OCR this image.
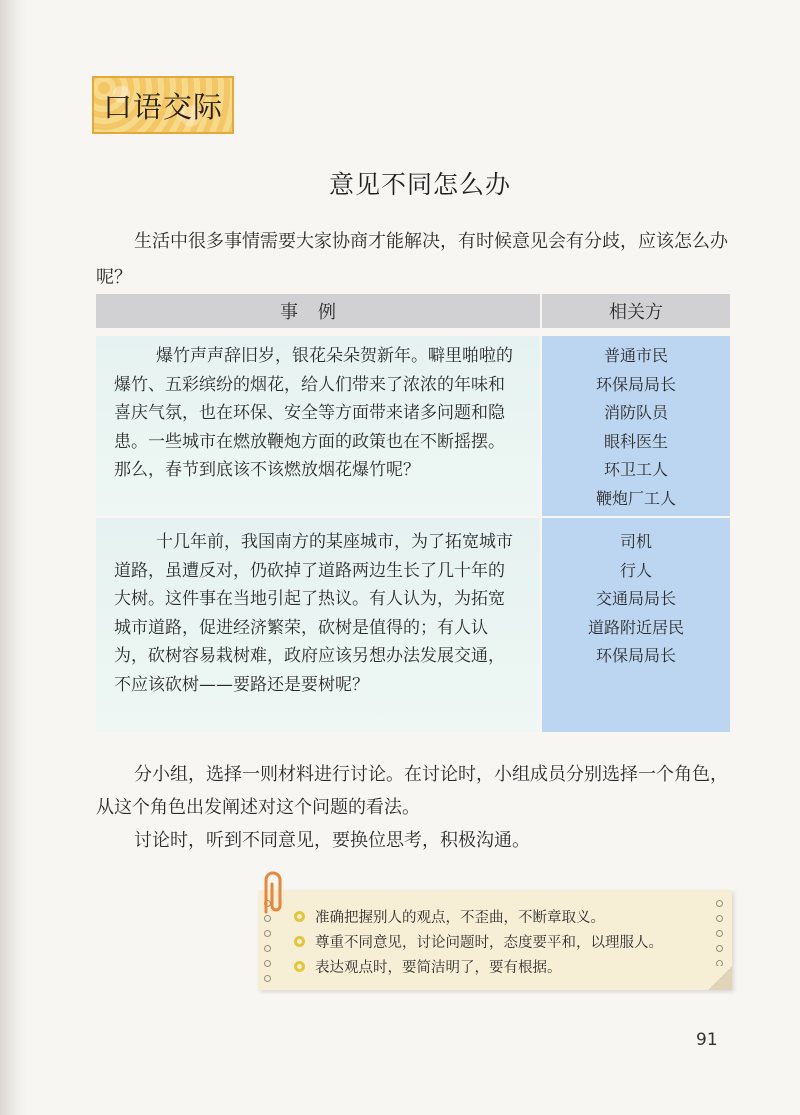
口语交际
意见不同怎么办

生活中很多事情需要大家协商才能解决，有时候意见会有分歧，应该怎么办呢？

事例	相关方

爆竹声声辞旧岁，银花朵朵贺新年。噼里啪啦的爆竹、五彩缤纷的烟花，给人们带来了浓浓的年味和喜庆气氛，也在环保、安全等方面带来诸多问题和隐患。一些城市在燃放鞭炮方面的政策也在不断摇摆。那么，春节到底该不该燃放烟花爆竹呢？

普通市民
环保局局长
消防队员
眼科医生
环卫工人
鞭炮厂工人

十几年前，我国南方的某座城市，为了拓宽城市道路，虽遭反对，仍砍掉了道路两边生长了几十年的大树。这件事在当地引起了热议。有人认为，为拓宽城市道路，促进经济繁荣，砍树是值得的；有人认为，砍树容易栽树难，政府应该另想办法发展交通，不应该砍树——要路还是要树呢？

司机
行人
交通局局长
道路附近居民
环保局局长

分小组，选择一则材料进行讨论。在讨论时，小组成员分别选择一个角色，从这个角色出发阐述对这个问题的看法。

讨论时，听到不同意见，要换位思考，积极沟通。

准确把握别人的观点，不歪曲，不断章取义。
尊重不同意见，讨论问题时，态度要平和，以理服人。
表达观点时，要简洁明了，要有根据。
91
